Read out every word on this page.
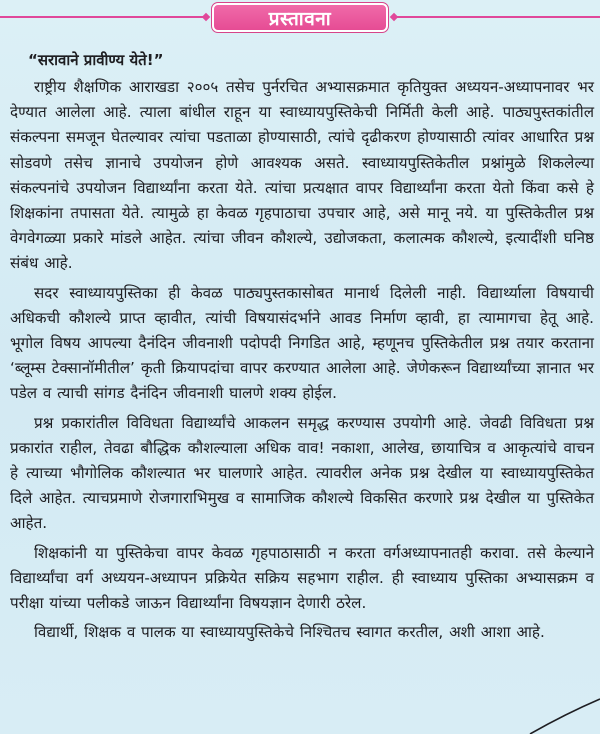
प्रस्तावना

“सरावाने प्रावीण्य येते!”

राष्ट्रीय शैक्षणिक आराखडा २००५ तसेच पुर्नरचित अभ्यासक्रमात कृतियुक्त अध्ययन-अध्यापनावर भर देण्यात आलेला आहे. त्याला बांधील राहून या स्वाध्यायपुस्तिकेची निर्मिती केली आहे. पाठ्यपुस्तकांतील संकल्पना समजून घेतल्यावर त्यांचा पडताळा होण्यासाठी, त्यांचे दृढीकरण होण्यासाठी त्यांवर आधारित प्रश्न सोडवणे तसेच ज्ञानाचे उपयोजन होणे आवश्यक असते. स्वाध्यायपुस्तिकेतील प्रश्नांमुळे शिकलेल्या संकल्पनांचे उपयोजन विद्यार्थ्यांना करता येते. त्यांचा प्रत्यक्षात वापर विद्यार्थ्यांना करता येतो किंवा कसे हे शिक्षकांना तपासता येते. त्यामुळे हा केवळ गृहपाठाचा उपचार आहे, असे मानू नये. या पुस्तिकेतील प्रश्न वेगवेगळ्या प्रकारे मांडले आहेत. त्यांचा जीवन कौशल्ये, उद्योजकता, कलात्मक कौशल्ये, इत्यादींशी घनिष्ठ संबंध आहे.

सदर स्वाध्यायपुस्तिका ही केवळ पाठ्यपुस्तकासोबत मानार्थ दिलेली नाही. विद्यार्थ्याला विषयाची अधिकची कौशल्ये प्राप्त व्हावीत, त्यांची विषयासंदर्भाने आवड निर्माण व्हावी, हा त्यामागचा हेतू आहे. भूगोल विषय आपल्या दैनंदिन जीवनाशी पदोपदी निगडित आहे, म्हणूनच पुस्तिकेतील प्रश्न तयार करताना ‘ब्लूम्स टेक्सानॉमीतील’ कृती क्रियापदांचा वापर करण्यात आलेला आहे. जेणेकरून विद्यार्थ्यांच्या ज्ञानात भर पडेल व त्याची सांगड दैनंदिन जीवनाशी घालणे शक्य होईल.

प्रश्न प्रकारांतील विविधता विद्यार्थ्यांचे आकलन समृद्ध करण्यास उपयोगी आहे. जेवढी विविधता प्रश्न प्रकारांत राहील, तेवढा बौद्धिक कौशल्याला अधिक वाव! नकाशा, आलेख, छायाचित्र व आकृत्यांचे वाचन हे त्याच्या भौगोलिक कौशल्यात भर घालणारे आहेत. त्यावरील अनेक प्रश्न देखील या स्वाध्यायपुस्तिकेत दिले आहेत. त्याचप्रमाणे रोजगाराभिमुख व सामाजिक कौशल्ये विकसित करणारे प्रश्न देखील या पुस्तिकेत आहेत.

शिक्षकांनी या पुस्तिकेचा वापर केवळ गृहपाठासाठी न करता वर्गअध्यापनातही करावा. तसे केल्याने विद्यार्थ्यांचा वर्ग अध्ययन-अध्यापन प्रक्रियेत सक्रिय सहभाग राहील. ही स्वाध्याय पुस्तिका अभ्यासक्रम व परीक्षा यांच्या पलीकडे जाऊन विद्यार्थ्यांना विषयज्ञान देणारी ठरेल.

विद्यार्थी, शिक्षक व पालक या स्वाध्यायपुस्तिकेचे निश्चितच स्वागत करतील, अशी आशा आहे.
